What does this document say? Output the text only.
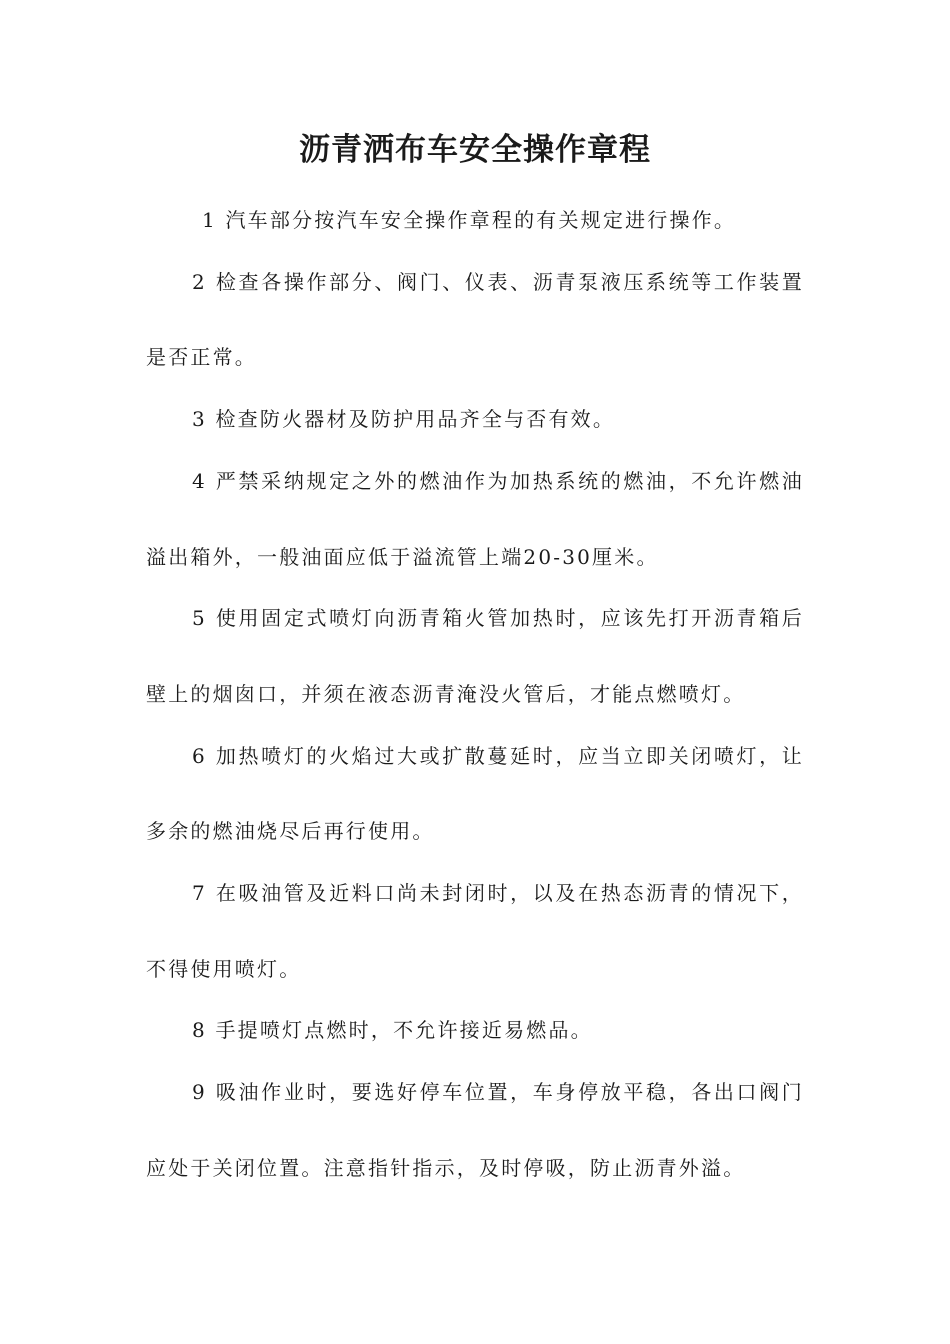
沥青洒布车安全操作章程
1 汽车部分按汽车安全操作章程的有关规定进行操作。
2 检查各操作部分、阀门、仪表、沥青泵液压系统等工作装置
是否正常。
3 检查防火器材及防护用品齐全与否有效。
4 严禁采纳规定之外的燃油作为加热系统的燃油，不允许燃油
溢出箱外，一般油面应低于溢流管上端20-30厘米。
5 使用固定式喷灯向沥青箱火管加热时，应该先打开沥青箱后
壁上的烟囱口，并须在液态沥青淹没火管后，才能点燃喷灯。
6 加热喷灯的火焰过大或扩散蔓延时，应当立即关闭喷灯，让
多余的燃油烧尽后再行使用。
7 在吸油管及近料口尚未封闭时，以及在热态沥青的情况下，
不得使用喷灯。
8 手提喷灯点燃时，不允许接近易燃品。
9 吸油作业时，要选好停车位置，车身停放平稳，各出口阀门
应处于关闭位置。注意指针指示，及时停吸，防止沥青外溢。
